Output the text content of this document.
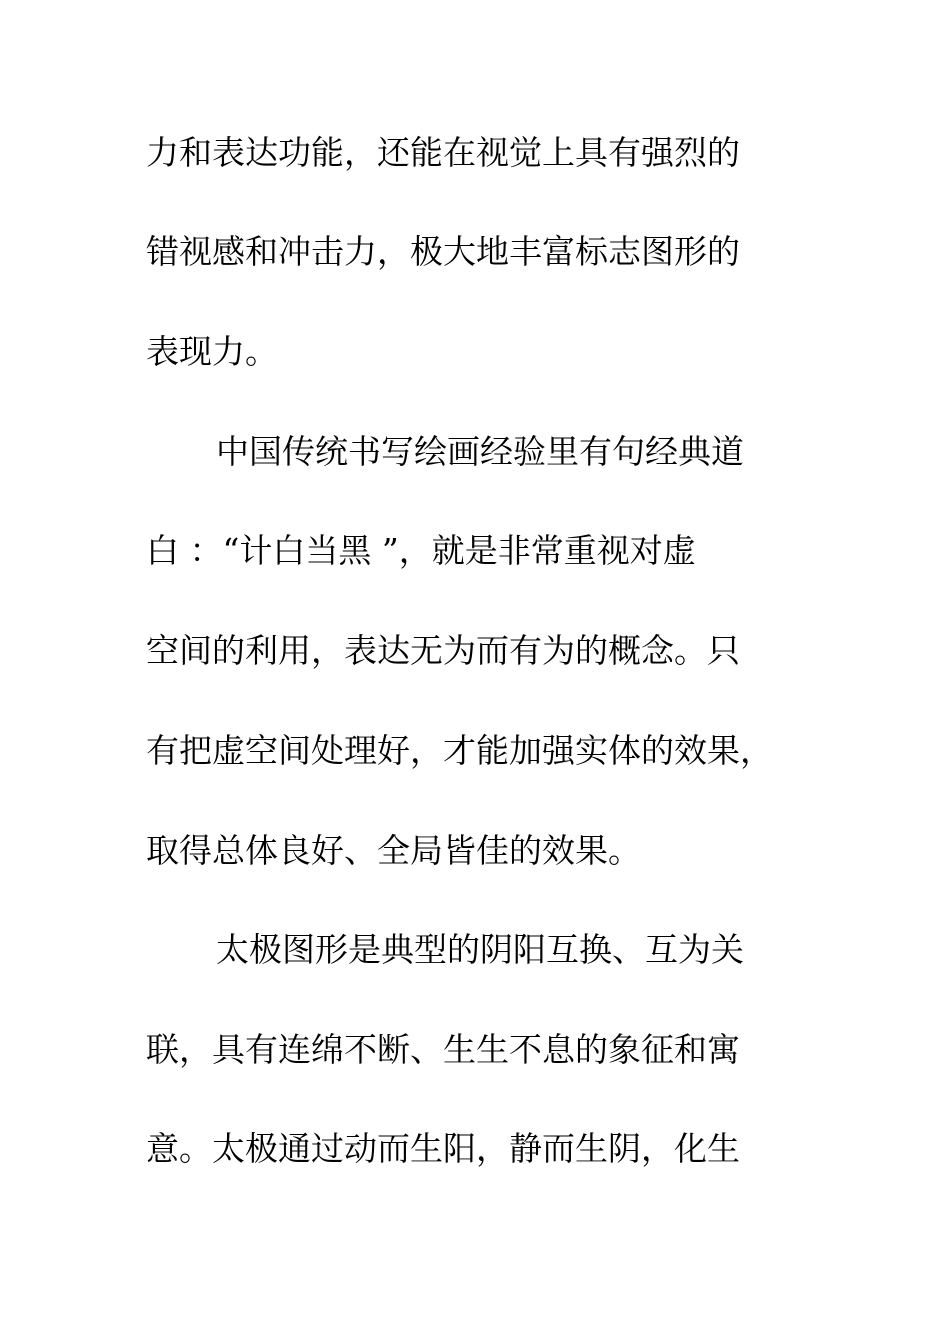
力和表达功能，还能在视觉上具有强烈的
错视感和冲击力，极大地丰富标志图形的
表现力。
中国传统书写绘画经验里有句经典道
白 ：“计白当黑 ”，就是非常重视对虚
空间的利用，表达无为而有为的概念。只
有把虚空间处理好，才能加强实体的效果，
取得总体良好、全局皆佳的效果。
太极图形是典型的阴阳互换、互为关
联，具有连绵不断、生生不息的象征和寓
意。太极通过动而生阳，静而生阴，化生
